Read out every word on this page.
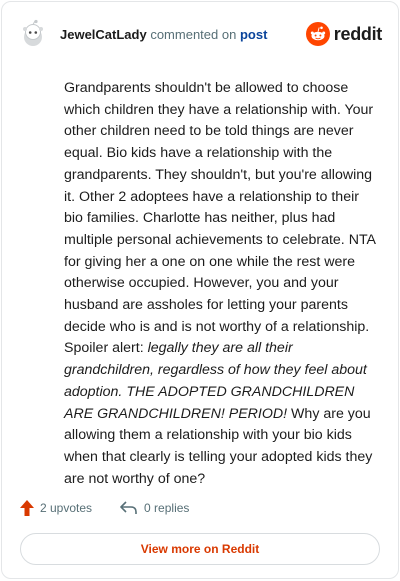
JewelCatLady commented on post	reddit
Grandparents shouldn't be allowed to choose which children they have a relationship with. Your other children need to be told things are never equal. Bio kids have a relationship with the grandparents. They shouldn't, but you're allowing it. Other 2 adoptees have a relationship to their bio families. Charlotte has neither, plus had multiple personal achievements to celebrate. NTA for giving her a one on one while the rest were otherwise occupied. However, you and your husband are assholes for letting your parents decide who is and is not worthy of a relationship. Spoiler alert: legally they are all their grandchildren, regardless of how they feel about adoption. THE ADOPTED GRANDCHILDREN ARE GRANDCHILDREN! PERIOD! Why are you allowing them a relationship with your bio kids when that clearly is telling your adopted kids they are not worthy of one?
2 upvotes	0 replies
View more on Reddit
